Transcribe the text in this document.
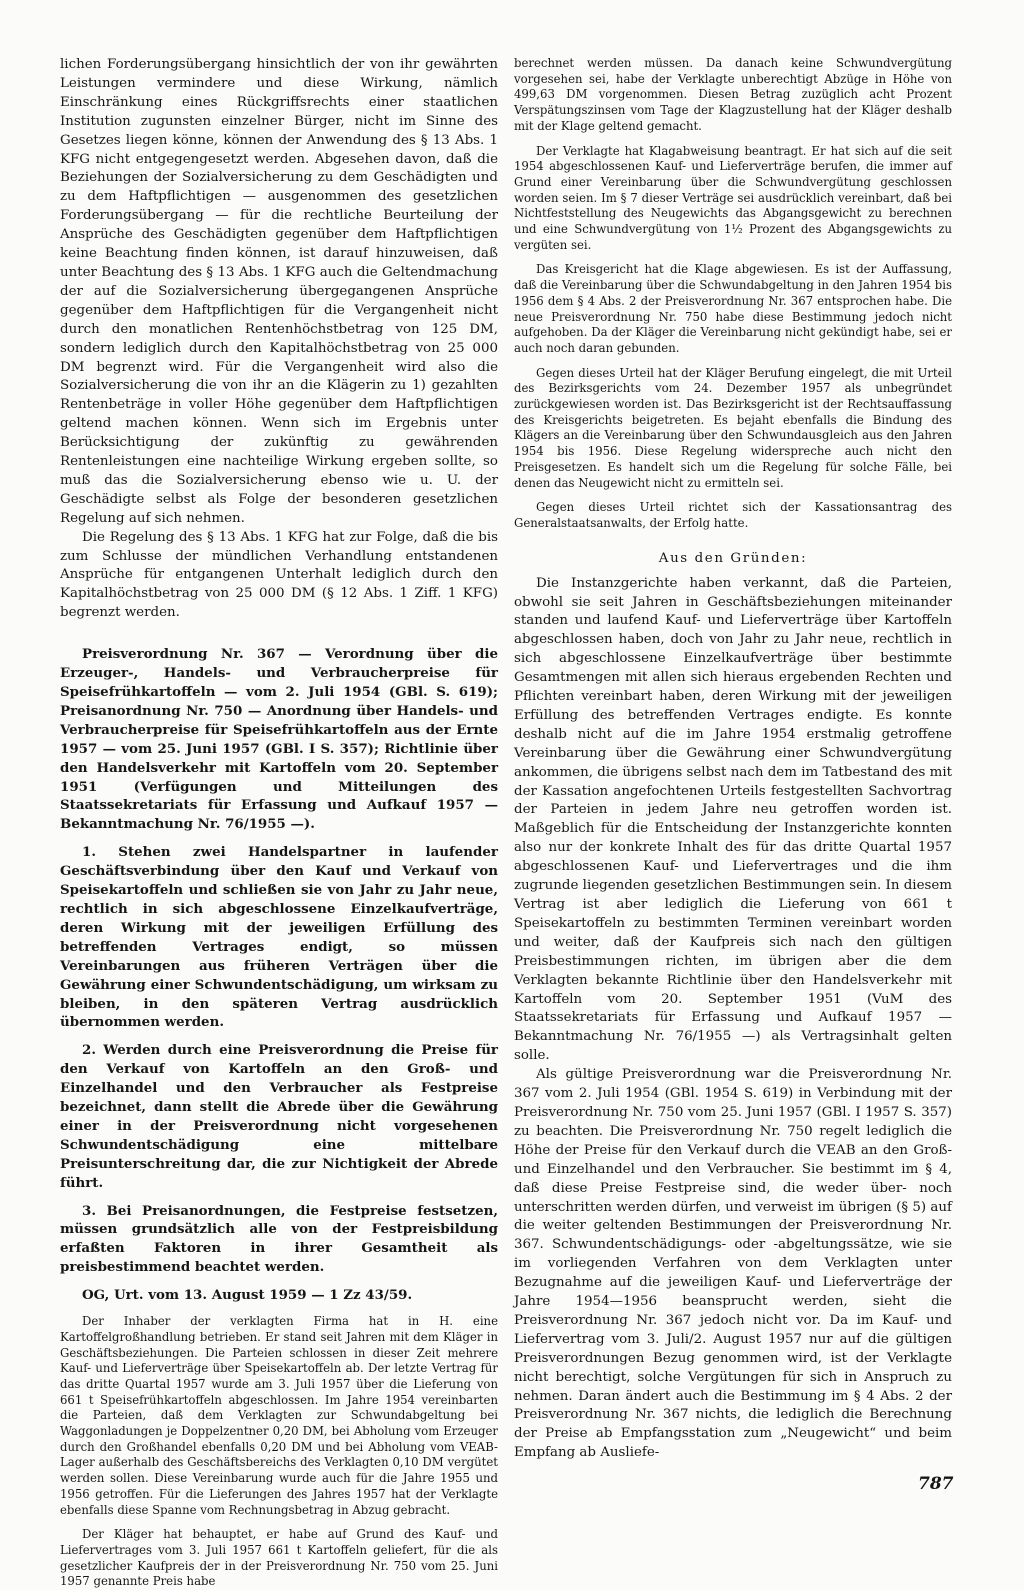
lichen Forderungsübergang hinsichtlich der von ihr gewährten Leistungen vermindere und diese Wirkung, nämlich Einschränkung eines Rückgriffsrechts einer staatlichen Institution zugunsten einzelner Bürger, nicht im Sinne des Gesetzes liegen könne, können der Anwendung des § 13 Abs. 1 KFG nicht entgegengesetzt werden. Abgesehen davon, daß die Beziehungen der Sozialversicherung zu dem Geschädigten und zu dem Haftpflichtigen — ausgenommen des gesetzlichen Forderungsübergang — für die rechtliche Beurteilung der Ansprüche des Geschädigten gegenüber dem Haftpflichtigen keine Beachtung finden können, ist darauf hinzuweisen, daß unter Beachtung des § 13 Abs. 1 KFG auch die Geltendmachung der auf die Sozialversicherung übergegangenen Ansprüche gegenüber dem Haftpflichtigen für die Vergangenheit nicht durch den monatlichen Rentenhöchstbetrag von 125 DM, sondern lediglich durch den Kapitalhöchstbetrag von 25 000 DM begrenzt wird. Für die Vergangenheit wird also die Sozialversicherung die von ihr an die Klägerin zu 1) gezahlten Rentenbeträge in voller Höhe gegenüber dem Haftpflichtigen geltend machen können. Wenn sich im Ergebnis unter Berücksichtigung der zukünftig zu gewährenden Rentenleistungen eine nachteilige Wirkung ergeben sollte, so muß das die Sozialversicherung ebenso wie u. U. der Geschädigte selbst als Folge der besonderen gesetzlichen Regelung auf sich nehmen.

Die Regelung des § 13 Abs. 1 KFG hat zur Folge, daß die bis zum Schlusse der mündlichen Verhandlung entstandenen Ansprüche für entgangenen Unterhalt lediglich durch den Kapitalhöchstbetrag von 25 000 DM (§ 12 Abs. 1 Ziff. 1 KFG) begrenzt werden.

Preisverordnung Nr. 367 — Verordnung über die Erzeuger-, Handels- und Verbraucherpreise für Speisefrühkartoffeln — vom 2. Juli 1954 (GBl. S. 619); Preisanordnung Nr. 750 — Anordnung über Handels- und Verbraucherpreise für Speisefrühkartoffeln aus der Ernte 1957 — vom 25. Juni 1957 (GBl. I S. 357); Richtlinie über den Handelsverkehr mit Kartoffeln vom 20. September 1951 (Verfügungen und Mitteilungen des Staatssekretariats für Erfassung und Aufkauf 1957 — Bekanntmachung Nr. 76/1955 —).

1. Stehen zwei Handelspartner in laufender Geschäftsverbindung über den Kauf und Verkauf von Speisekartoffeln und schließen sie von Jahr zu Jahr neue, rechtlich in sich abgeschlossene Einzelkaufverträge, deren Wirkung mit der jeweiligen Erfüllung des betreffenden Vertrages endigt, so müssen Vereinbarungen aus früheren Verträgen über die Gewährung einer Schwundentschädigung, um wirksam zu bleiben, in den späteren Vertrag ausdrücklich übernommen werden.

2. Werden durch eine Preisverordnung die Preise für den Verkauf von Kartoffeln an den Groß- und Einzelhandel und den Verbraucher als Festpreise bezeichnet, dann stellt die Abrede über die Gewährung einer in der Preisverordnung nicht vorgesehenen Schwundentschädigung eine mittelbare Preisunterschreitung dar, die zur Nichtigkeit der Abrede führt.

3. Bei Preisanordnungen, die Festpreise festsetzen, müssen grundsätzlich alle von der Festpreisbildung erfaßten Faktoren in ihrer Gesamtheit als preisbestimmend beachtet werden.

OG, Urt. vom 13. August 1959 — 1 Zz 43/59.

Der Inhaber der verklagten Firma hat in H. eine Kartoffelgroßhandlung betrieben. Er stand seit Jahren mit dem Kläger in Geschäftsbeziehungen. Die Parteien schlossen in dieser Zeit mehrere Kauf- und Lieferverträge über Speisekartoffeln ab. Der letzte Vertrag für das dritte Quartal 1957 wurde am 3. Juli 1957 über die Lieferung von 661 t Speisefrühkartoffeln abgeschlossen. Im Jahre 1954 vereinbarten die Parteien, daß dem Verklagten zur Schwundabgeltung bei Waggonladungen je Doppelzentner 0,20 DM, bei Abholung vom Erzeuger durch den Großhandel ebenfalls 0,20 DM und bei Abholung vom VEAB-Lager außerhalb des Geschäftsbereichs des Verklagten 0,10 DM vergütet werden sollen. Diese Vereinbarung wurde auch für die Jahre 1955 und 1956 getroffen. Für die Lieferungen des Jahres 1957 hat der Verklagte ebenfalls diese Spanne vom Rechnungsbetrag in Abzug gebracht.

Der Kläger hat behauptet, er habe auf Grund des Kauf- und Liefervertrages vom 3. Juli 1957 661 t Kartoffeln geliefert, für die als gesetzlicher Kaufpreis der in der Preisverordnung Nr. 750 vom 25. Juni 1957 genannte Preis habe

berechnet werden müssen. Da danach keine Schwundvergütung vorgesehen sei, habe der Verklagte unberechtigt Abzüge in Höhe von 499,63 DM vorgenommen. Diesen Betrag zuzüglich acht Prozent Verspätungszinsen vom Tage der Klagzustellung hat der Kläger deshalb mit der Klage geltend gemacht.

Der Verklagte hat Klagabweisung beantragt. Er hat sich auf die seit 1954 abgeschlossenen Kauf- und Lieferverträge berufen, die immer auf Grund einer Vereinbarung über die Schwundvergütung geschlossen worden seien. Im § 7 dieser Verträge sei ausdrücklich vereinbart, daß bei Nichtfeststellung des Neugewichts das Abgangsgewicht zu berechnen und eine Schwundvergütung von 1½ Prozent des Abgangsgewichts zu vergüten sei.

Das Kreisgericht hat die Klage abgewiesen. Es ist der Auffassung, daß die Vereinbarung über die Schwundabgeltung in den Jahren 1954 bis 1956 dem § 4 Abs. 2 der Preisverordnung Nr. 367 entsprochen habe. Die neue Preisverordnung Nr. 750 habe diese Bestimmung jedoch nicht aufgehoben. Da der Kläger die Vereinbarung nicht gekündigt habe, sei er auch noch daran gebunden.

Gegen dieses Urteil hat der Kläger Berufung eingelegt, die mit Urteil des Bezirksgerichts vom 24. Dezember 1957 als unbegründet zurückgewiesen worden ist. Das Bezirksgericht ist der Rechtsauffassung des Kreisgerichts beigetreten. Es bejaht ebenfalls die Bindung des Klägers an die Vereinbarung über den Schwundausgleich aus den Jahren 1954 bis 1956. Diese Regelung widerspreche auch nicht den Preisgesetzen. Es handelt sich um die Regelung für solche Fälle, bei denen das Neugewicht nicht zu ermitteln sei.

Gegen dieses Urteil richtet sich der Kassationsantrag des Generalstaatsanwalts, der Erfolg hatte.

Aus den Gründen:

Die Instanzgerichte haben verkannt, daß die Parteien, obwohl sie seit Jahren in Geschäftsbeziehungen miteinander standen und laufend Kauf- und Lieferverträge über Kartoffeln abgeschlossen haben, doch von Jahr zu Jahr neue, rechtlich in sich abgeschlossene Einzelkaufverträge über bestimmte Gesamtmengen mit allen sich hieraus ergebenden Rechten und Pflichten vereinbart haben, deren Wirkung mit der jeweiligen Erfüllung des betreffenden Vertrages endigte. Es konnte deshalb nicht auf die im Jahre 1954 erstmalig getroffene Vereinbarung über die Gewährung einer Schwundvergütung ankommen, die übrigens selbst nach dem im Tatbestand des mit der Kassation angefochtenen Urteils festgestellten Sachvortrag der Parteien in jedem Jahre neu getroffen worden ist. Maßgeblich für die Entscheidung der Instanzgerichte konnten also nur der konkrete Inhalt des für das dritte Quartal 1957 abgeschlossenen Kauf- und Liefervertrages und die ihm zugrunde liegenden gesetzlichen Bestimmungen sein. In diesem Vertrag ist aber lediglich die Lieferung von 661 t Speisekartoffeln zu bestimmten Terminen vereinbart worden und weiter, daß der Kaufpreis sich nach den gültigen Preisbestimmungen richten, im übrigen aber die dem Verklagten bekannte Richtlinie über den Handelsverkehr mit Kartoffeln vom 20. September 1951 (VuM des Staatssekretariats für Erfassung und Aufkauf 1957 — Bekanntmachung Nr. 76/1955 —) als Vertragsinhalt gelten solle.

Als gültige Preisverordnung war die Preisverordnung Nr. 367 vom 2. Juli 1954 (GBl. 1954 S. 619) in Verbindung mit der Preisverordnung Nr. 750 vom 25. Juni 1957 (GBl. I 1957 S. 357) zu beachten. Die Preisverordnung Nr. 750 regelt lediglich die Höhe der Preise für den Verkauf durch die VEAB an den Groß- und Einzelhandel und den Verbraucher. Sie bestimmt im § 4, daß diese Preise Festpreise sind, die weder über- noch unterschritten werden dürfen, und verweist im übrigen (§ 5) auf die weiter geltenden Bestimmungen der Preisverordnung Nr. 367. Schwundentschädigungs- oder -abgeltungssätze, wie sie im vorliegenden Verfahren von dem Verklagten unter Bezugnahme auf die jeweiligen Kauf- und Lieferverträge der Jahre 1954—1956 beansprucht werden, sieht die Preisverordnung Nr. 367 jedoch nicht vor. Da im Kauf- und Liefervertrag vom 3. Juli/2. August 1957 nur auf die gültigen Preisverordnungen Bezug genommen wird, ist der Verklagte nicht berechtigt, solche Vergütungen für sich in Anspruch zu nehmen. Daran ändert auch die Bestimmung im § 4 Abs. 2 der Preisverordnung Nr. 367 nichts, die lediglich die Berechnung der Preise ab Empfangsstation zum „Neugewicht“ und beim Empfang ab Ausliefe-

787
